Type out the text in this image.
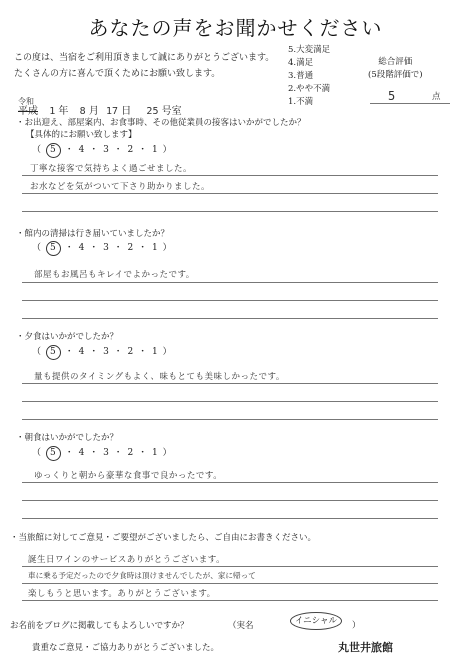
あなたの声をお聞かせください
この度は、当宿をご利用頂きまして誠にありがとうございます。
たくさんの方に喜んで頂くためにお願い致します。
5.大変満足
4.満足
3.普通
2.やや不満
1.不満
総合評価
(5段階評価で)
5	点
令和
平成 1 年 8 月 17 日 25 号室
・お出迎え、部屋案内、お食事時、その他従業員の接客はいかがでしたか？
【具体的にお願い致します】
（ 5 ・ 4 ・ 3 ・ 2 ・ 1 ）
丁寧な接客で気持ちよく過ごせました。
お水などを気がついて下さり助かりました。
・館内の清掃は行き届いていましたか？
（ 5 ・ 4 ・ 3 ・ 2 ・ 1 ）
部屋もお風呂もキレイでよかったです。
・夕食はいかがでしたか？
（ 5 ・ 4 ・ 3 ・ 2 ・ 1 ）
量も提供のタイミングもよく、味もとても美味しかったです。
・朝食はいかがでしたか？
（ 5 ・ 4 ・ 3 ・ 2 ・ 1 ）
ゆっくりと朝から豪華な食事で良かったです。
・当旅館に対してご意見・ご要望がございましたら、ご自由にお書きください。
誕生日ワインのサービスありがとうございます。
車に乗る予定だったので夕食時は頂けませんでしたが、家に帰って
楽しもうと思います。ありがとうございます。
お名前をブログに掲載してもよろしいですか？	（実名	イニシャル	）
貴重なご意見・ご協力ありがとうございました。	丸世井旅館
